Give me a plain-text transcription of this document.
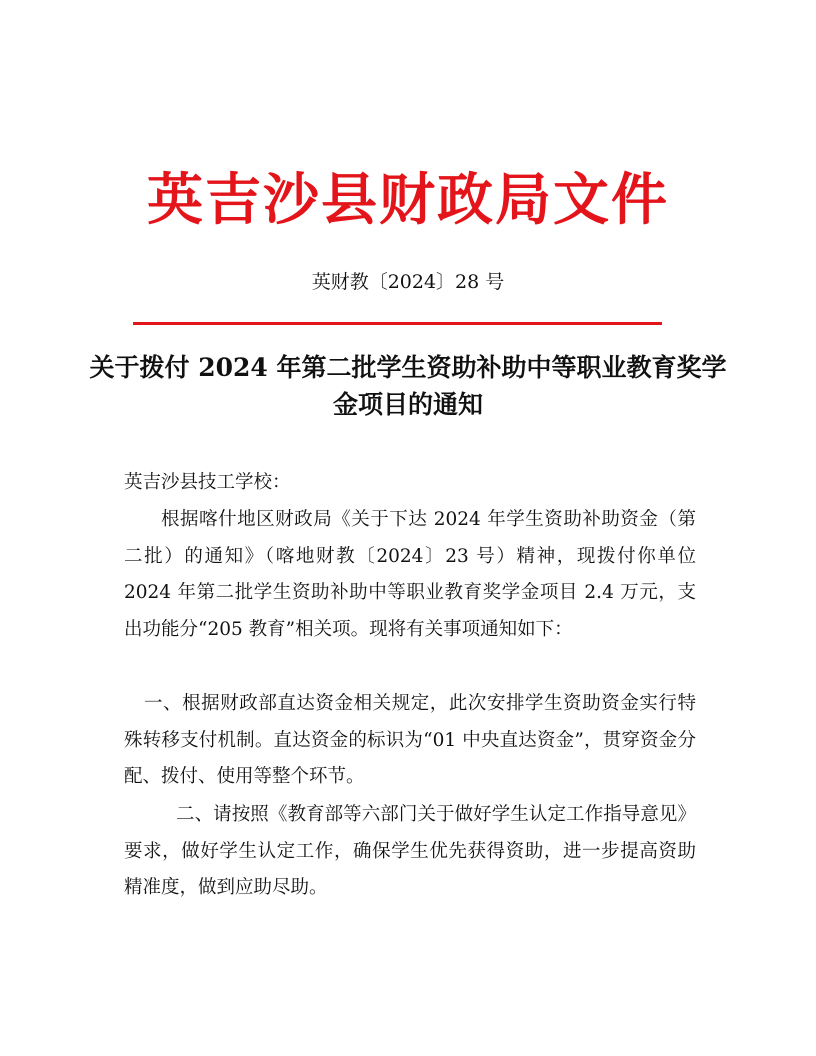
英吉沙县财政局文件
英财教〔2024〕28 号
关于拨付 2024 年第二批学生资助补助中等职业教育奖学金项目的通知
英吉沙县技工学校：
根据喀什地区财政局《关于下达 2024 年学生资助补助资金（第二批）的通知》（喀地财教〔2024〕23 号）精神，现拨付你单位 2024 年第二批学生资助补助中等职业教育奖学金项目 2.4 万元，支出功能分“205 教育”相关项。现将有关事项通知如下：
一、根据财政部直达资金相关规定，此次安排学生资助资金实行特殊转移支付机制。直达资金的标识为“01 中央直达资金”，贯穿资金分配、拨付、使用等整个环节。
二、请按照《教育部等六部门关于做好学生认定工作指导意见》要求，做好学生认定工作，确保学生优先获得资助，进一步提高资助精准度，做到应助尽助。
